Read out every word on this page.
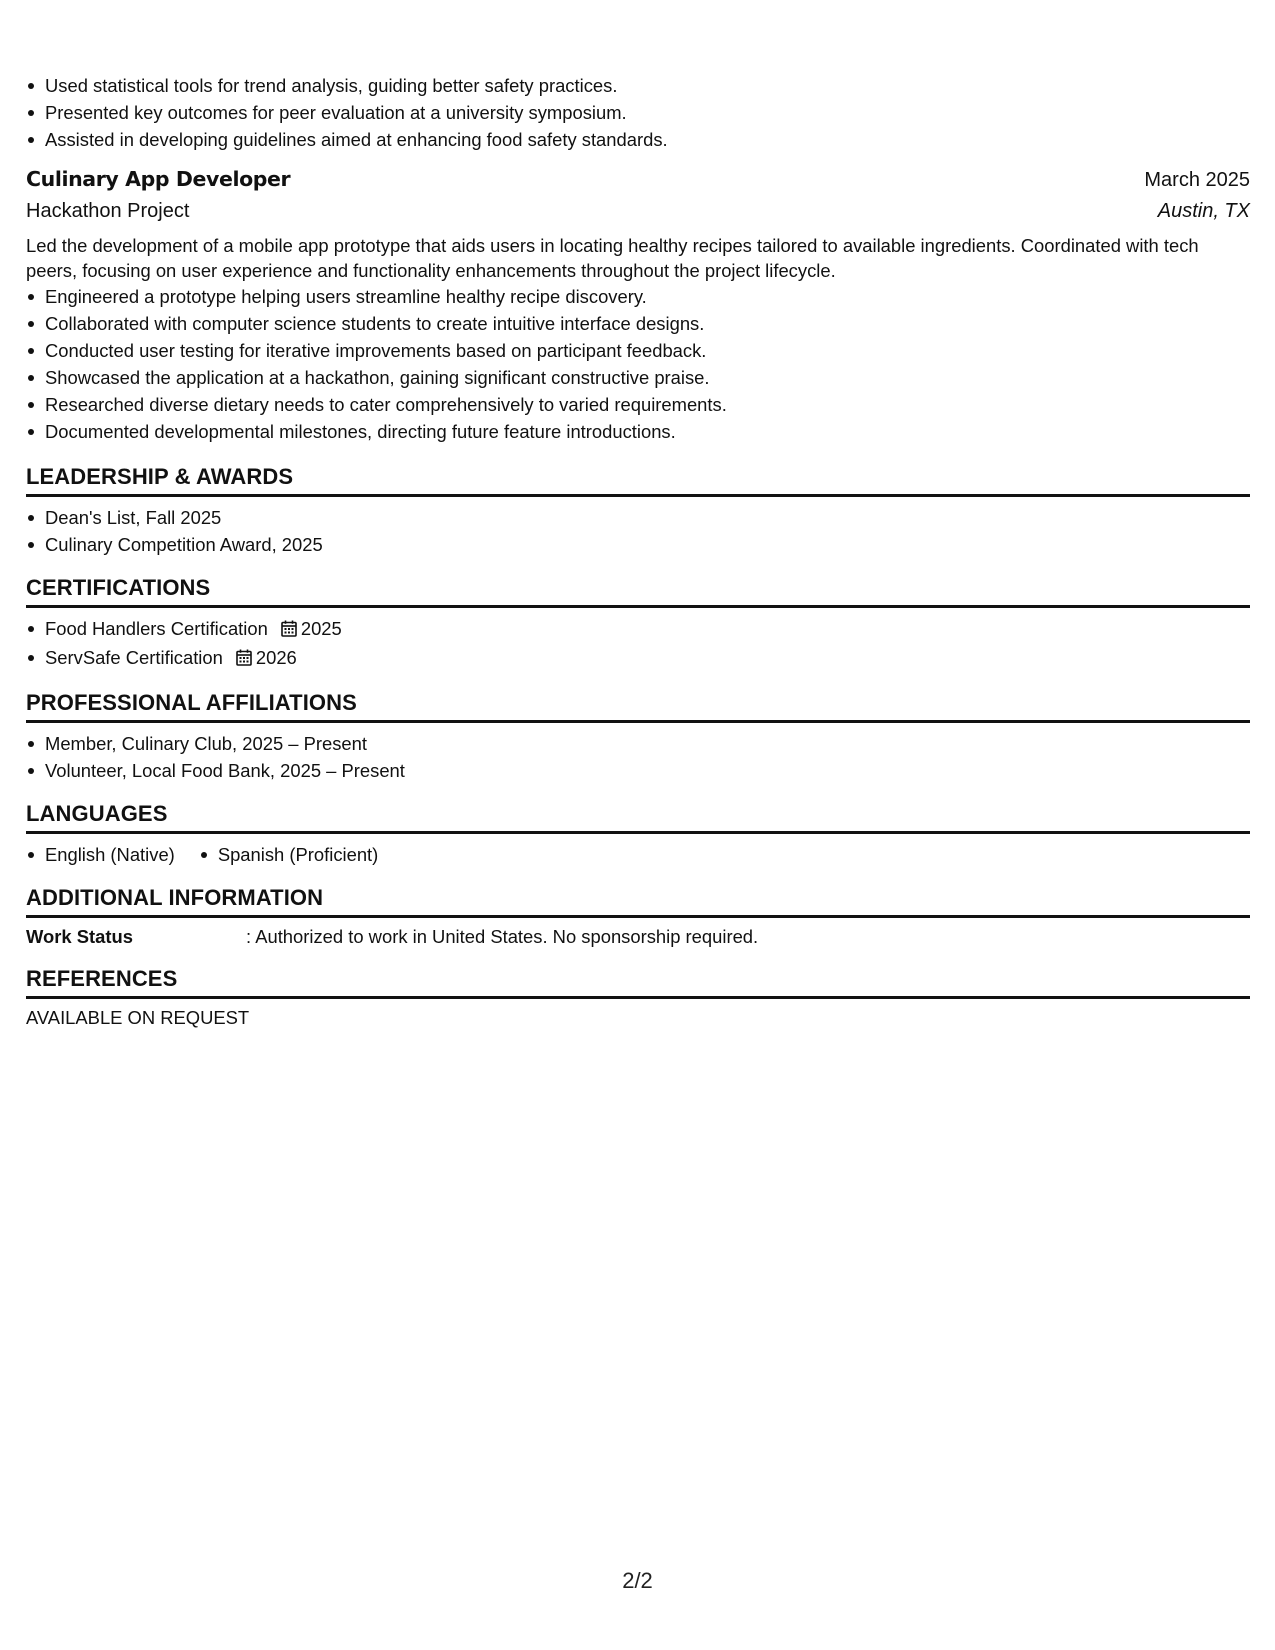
Used statistical tools for trend analysis, guiding better safety practices.
Presented key outcomes for peer evaluation at a university symposium.
Assisted in developing guidelines aimed at enhancing food safety standards.
Culinary App Developer	March 2025
Hackathon Project	Austin, TX
Led the development of a mobile app prototype that aids users in locating healthy recipes tailored to available ingredients. Coordinated with tech peers, focusing on user experience and functionality enhancements throughout the project lifecycle.
Engineered a prototype helping users streamline healthy recipe discovery.
Collaborated with computer science students to create intuitive interface designs.
Conducted user testing for iterative improvements based on participant feedback.
Showcased the application at a hackathon, gaining significant constructive praise.
Researched diverse dietary needs to cater comprehensively to varied requirements.
Documented developmental milestones, directing future feature introductions.
LEADERSHIP & AWARDS
Dean's List, Fall 2025
Culinary Competition Award, 2025
CERTIFICATIONS
Food Handlers Certification 2025
ServSafe Certification 2026
PROFESSIONAL AFFILIATIONS
Member, Culinary Club, 2025 – Present
Volunteer, Local Food Bank, 2025 – Present
LANGUAGES
English (Native)	Spanish (Proficient)
ADDITIONAL INFORMATION
Work Status	: Authorized to work in United States. No sponsorship required.
REFERENCES
AVAILABLE ON REQUEST
2/2
